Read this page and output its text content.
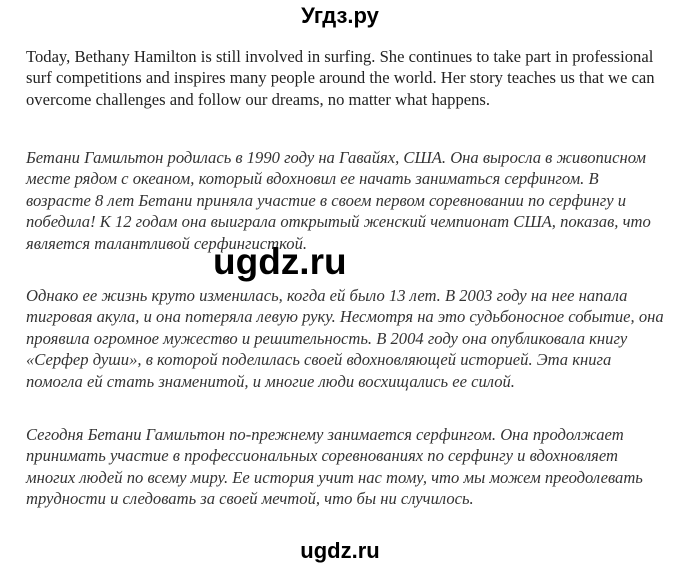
Угдз.ру

Today, Bethany Hamilton is still involved in surfing. She continues to take part in professional surf competitions and inspires many people around the world. Her story teaches us that we can overcome challenges and follow our dreams, no matter what happens.

Бетани Гамильтон родилась в 1990 году на Гавайях, США. Она выросла в живописном месте рядом с океаном, который вдохновил ее начать заниматься серфингом. В возрасте 8 лет Бетани приняла участие в своем первом соревновании по серфингу и победила! К 12 годам она выиграла открытый женский чемпионат США, показав, что является талантливой серфингисткой.

ugdz.ru

Однако ее жизнь круто изменилась, когда ей было 13 лет. В 2003 году на нее напала тигровая акула, и она потеряла левую руку. Несмотря на это судьбоносное событие, она проявила огромное мужество и решительность. В 2004 году она опубликовала книгу «Серфер души», в которой поделилась своей вдохновляющей историей. Эта книга помогла ей стать знаменитой, и многие люди восхищались ее силой.

Сегодня Бетани Гамильтон по-прежнему занимается серфингом. Она продолжает принимать участие в профессиональных соревнованиях по серфингу и вдохновляет многих людей по всему миру. Ее история учит нас тому, что мы можем преодолевать трудности и следовать за своей мечтой, что бы ни случилось.

ugdz.ru
